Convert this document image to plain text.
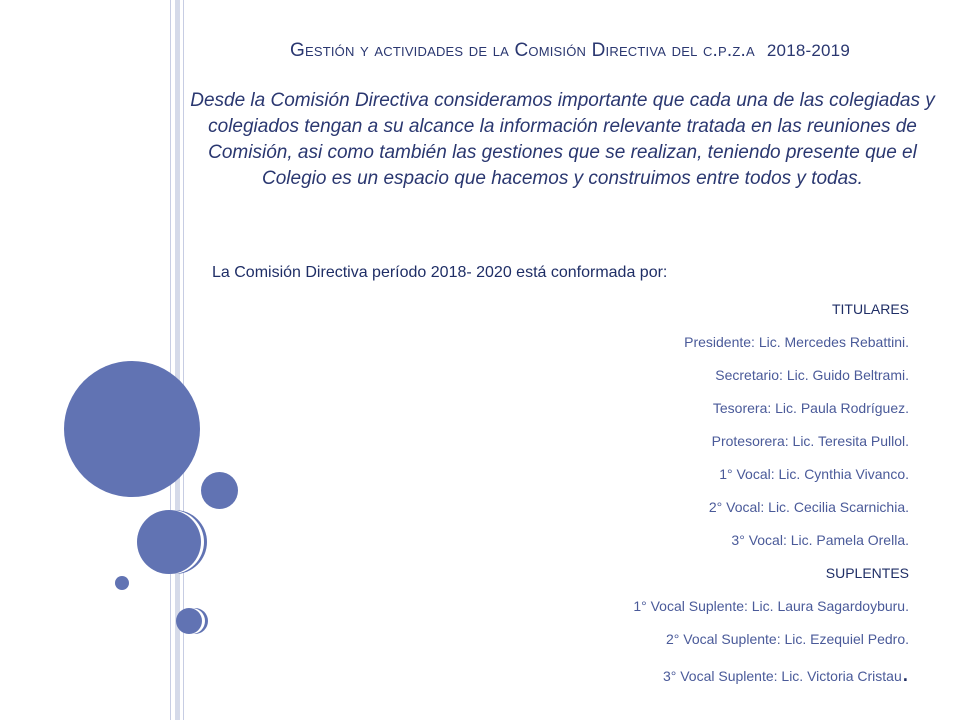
Gestión y actividades de la Comisión Directiva del c.p.z.a 2018-2019
Desde la Comisión Directiva consideramos importante que cada una de las colegiadas y colegiados tengan a su alcance la información relevante tratada en las reuniones de Comisión, asi como también las gestiones que se realizan, teniendo presente que el Colegio es un espacio que hacemos y construimos entre todos y todas.
La Comisión Directiva período 2018- 2020 está conformada por:
TITULARES
Presidente: Lic. Mercedes Rebattini.
Secretario: Lic. Guido Beltrami.
Tesorera: Lic. Paula Rodríguez.
Protesorera: Lic. Teresita Pullol.
1° Vocal: Lic. Cynthia Vivanco.
2° Vocal: Lic. Cecilia Scarnichia.
3° Vocal: Lic. Pamela Orella.
SUPLENTES
1° Vocal Suplente: Lic. Laura Sagardoyburu.
2° Vocal Suplente: Lic. Ezequiel Pedro.
3° Vocal Suplente: Lic. Victoria Cristau.
